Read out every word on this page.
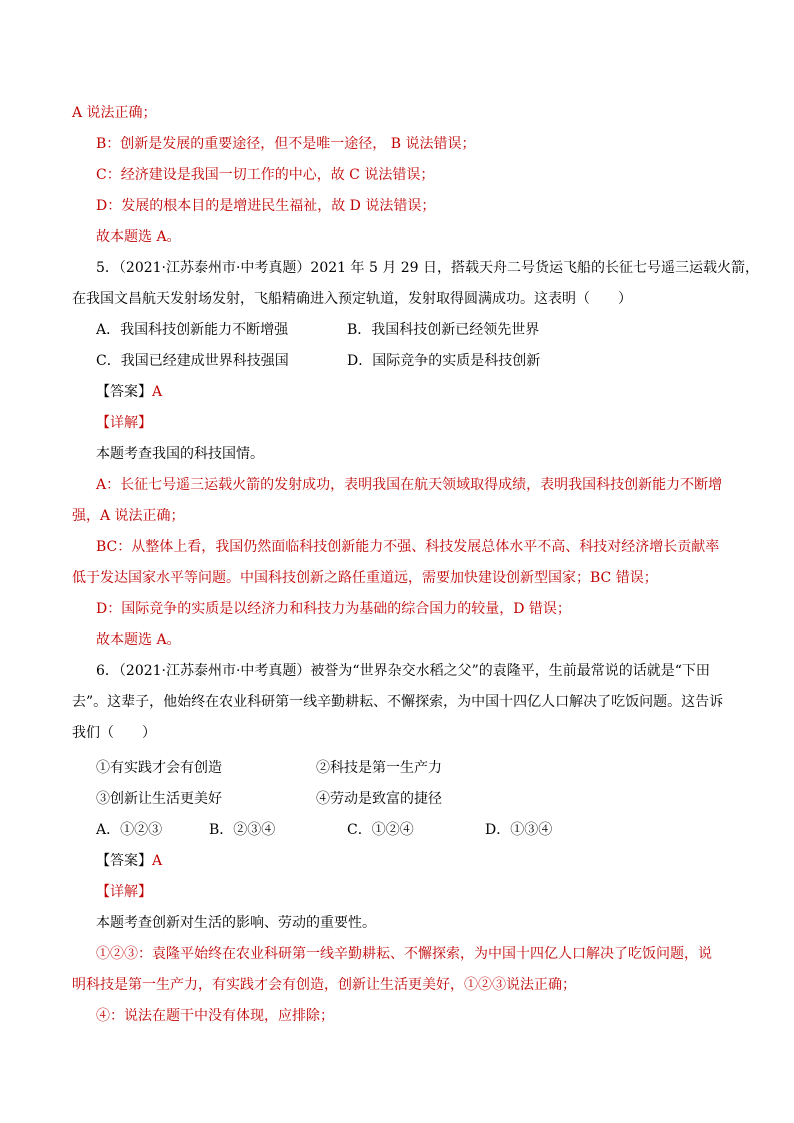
A 说法正确；
B：创新是发展的重要途径，但不是唯一途径， B 说法错误；
C：经济建设是我国一切工作的中心，故 C 说法错误；
D：发展的根本目的是增进民生福祉，故 D 说法错误；
故本题选 A。
5．（2021·江苏泰州市·中考真题）2021 年 5 月 29 日，搭载天舟二号货运飞船的长征七号遥三运载火箭，
在我国文昌航天发射场发射，飞船精确进入预定轨道，发射取得圆满成功。这表明（　　）
A．我国科技创新能力不断增强	B．我国科技创新已经领先世界
C．我国已经建成世界科技强国	D．国际竞争的实质是科技创新
【答案】A
【详解】
本题考查我国的科技国情。
A：长征七号遥三运载火箭的发射成功，表明我国在航天领域取得成绩，表明我国科技创新能力不断增
强，A 说法正确；
BC：从整体上看，我国仍然面临科技创新能力不强、科技发展总体水平不高、科技对经济增长贡献率
低于发达国家水平等问题。中国科技创新之路任重道远，需要加快建设创新型国家；BC 错误；
D：国际竞争的实质是以经济力和科技力为基础的综合国力的较量，D 错误；
故本题选 A。
6．（2021·江苏泰州市·中考真题）被誉为“世界杂交水稻之父”的袁隆平，生前最常说的话就是“下田
去”。这辈子，他始终在农业科研第一线辛勤耕耘、不懈探索，为中国十四亿人口解决了吃饭问题。这告诉
我们（　　）
①有实践才会有创造	②科技是第一生产力
③创新让生活更美好	④劳动是致富的捷径
A．①②③	B．②③④	C．①②④	D．①③④
【答案】A
【详解】
本题考查创新对生活的影响、劳动的重要性。
①②③：袁隆平始终在农业科研第一线辛勤耕耘、不懈探索，为中国十四亿人口解决了吃饭问题，说
明科技是第一生产力，有实践才会有创造，创新让生活更美好，①②③说法正确；
④：说法在题干中没有体现，应排除；
